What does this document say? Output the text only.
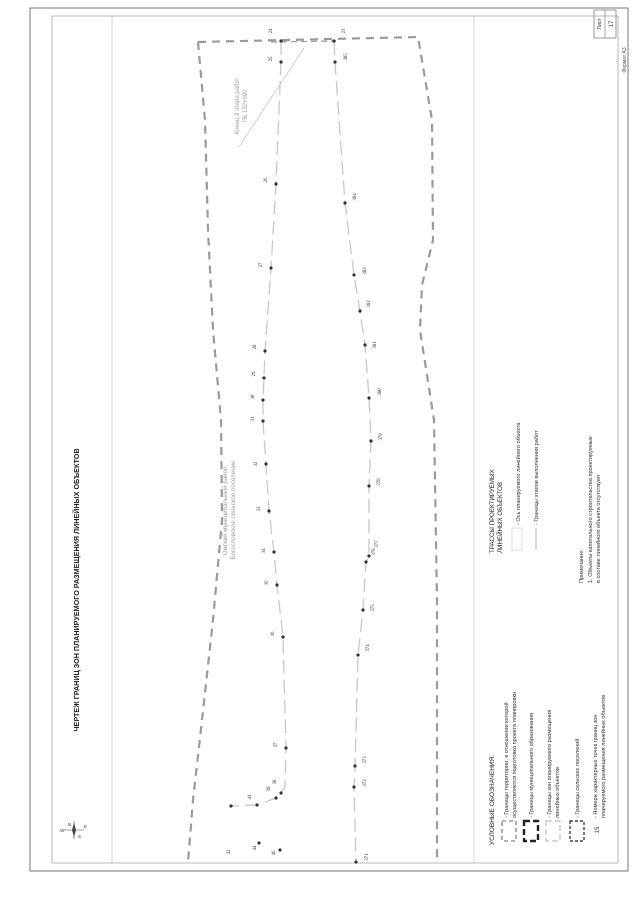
Лист 17
Формат А3
ЧЕРТЕЖ ГРАНИЦ ЗОН ПЛАНИРУЕМОГО РАЗМЕЩЕНИЯ ЛИНЕЙНЫХ ОБЪЕКТОВ
N
S
W
E
Омский муниципальный район, Богословское сельское поселение
Конец 2 этапа работ ПК 132+000
24
25
26
27
28
29
30
31
32
33
34
35
36
37
38
39
41
42
44
46
23
385
384
383
382
381
380
379
378
377
376
375
374
373
372
371
УСЛОВНЫЕ ОБОЗНАЧЕНИЯ: - Границы территории, в отношении которой осуществляется подготовка проекта планировки - Границы муниципального образования - Границы зон планируемого размещения линейных объектов	- Границы сельских поселений
15
- Номера характерных точек границ зон планируемого размещения линейных объектов
ТРАССЫ ПРОЕКТИРУЕМЫХ ЛИНЕЙНЫХ ОБЪЕКТОВ - Ось планируемого линейного объекта - Границы этапов выполнения работ
Примечание: 1. Объекты капитального строительства проектируемые в составе линейного объекта отсутствуют
